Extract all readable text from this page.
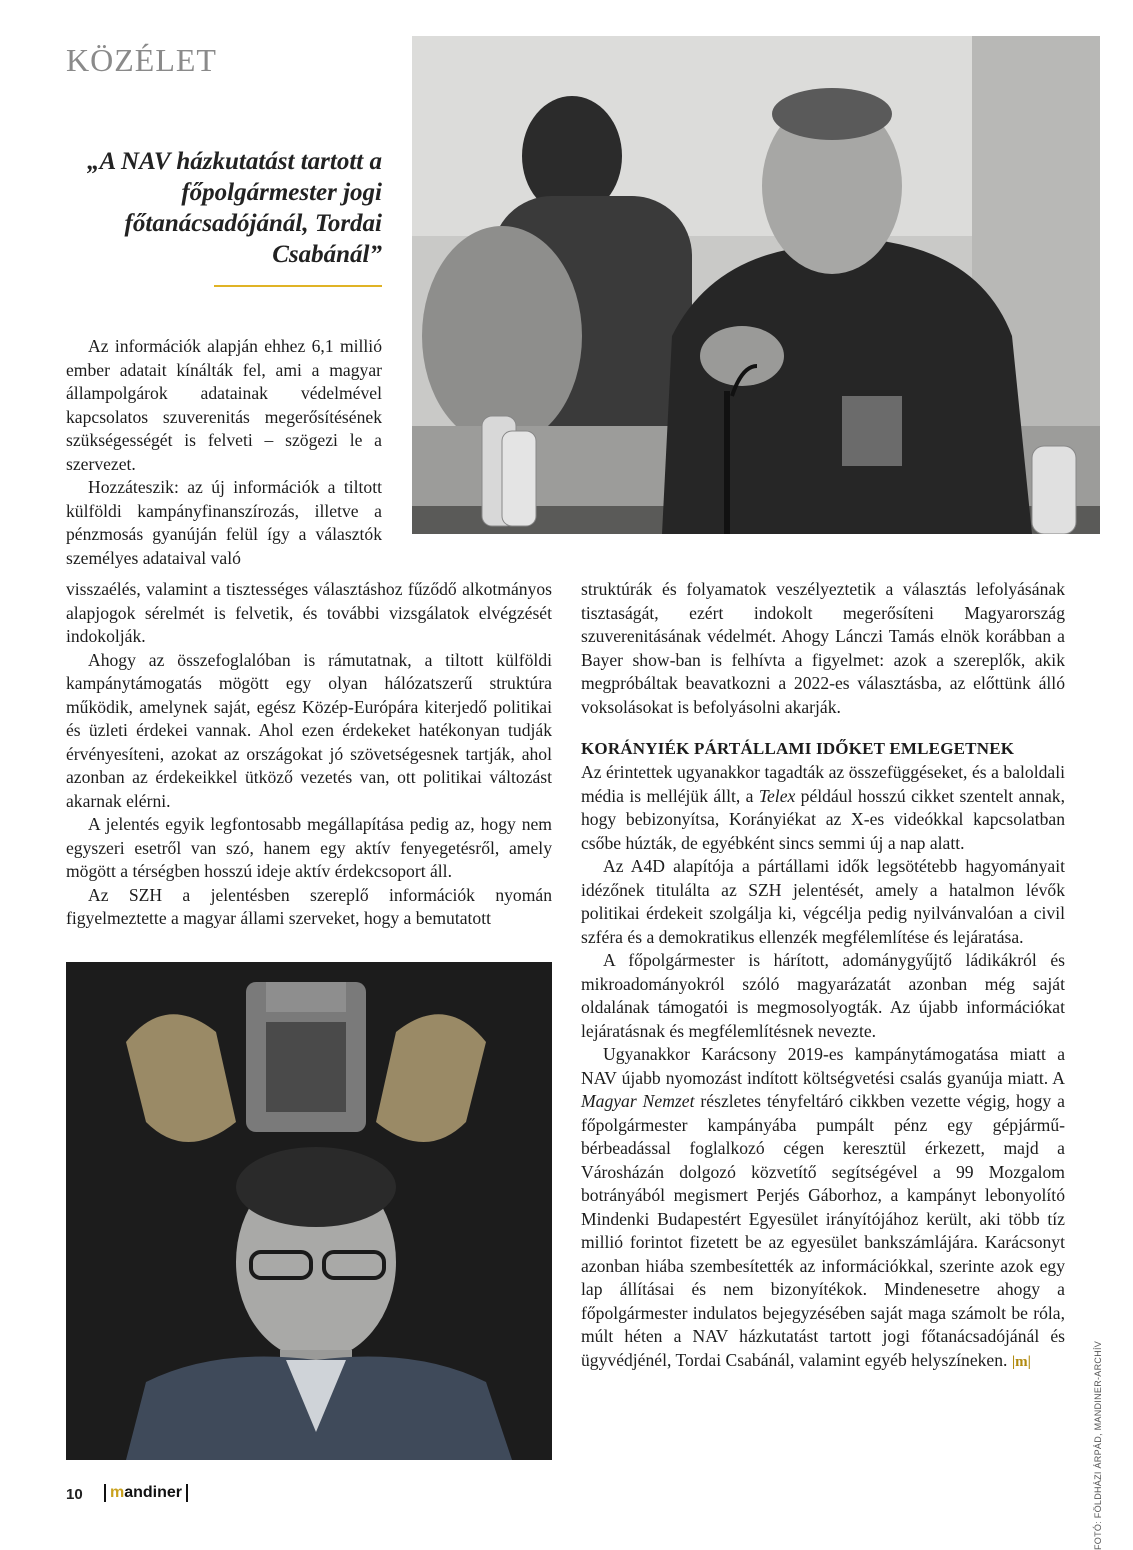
KÖZÉLET
„A NAV házkutatást tartott a főpolgármester jogi főtanácsadójánál, Tordai Csabánál”

Az információk alapján ehhez 6,1 millió ember adatait kínálták fel, ami a magyar állampolgárok adatainak védelmével kapcsolatos szuverenitás megerősítésének szükségességét is felveti – szögezi le a szervezet.

Hozzáteszik: az új információk a tiltott külföldi kampányfinanszírozás, illetve a pénzmosás gyanúján felül így a választók személyes adataival való

visszaélés, valamint a tisztességes választáshoz fűződő alkotmányos alapjogok sérelmét is felvetik, és további vizsgálatok elvégzését indokolják.

Ahogy az összefoglalóban is rámutatnak, a tiltott külföldi kampánytámogatás mögött egy olyan hálózatszerű struktúra működik, amelynek saját, egész Közép-Európára kiterjedő politikai és üzleti érdekei vannak. Ahol ezen érdekeket hatékonyan tudják érvényesíteni, azokat az országokat jó szövetségesnek tartják, ahol azonban az érdekeikkel ütköző vezetés van, ott politikai változást akarnak elérni.

A jelentés egyik legfontosabb megállapítása pedig az, hogy nem egyszeri esetről van szó, hanem egy aktív fenyegetésről, amely mögött a térségben hosszú ideje aktív érdekcsoport áll.

Az SZH a jelentésben szereplő információk nyomán figyelmeztette a magyar állami szerveket, hogy a bemutatott

struktúrák és folyamatok veszélyeztetik a választás lefolyásának tisztaságát, ezért indokolt megerősíteni Magyarország szuverenitásának védelmét. Ahogy Lánczi Tamás elnök korábban a Bayer show-ban is felhívta a figyelmet: azok a szereplők, akik megpróbáltak beavatkozni a 2022-es választásba, az előttünk álló voksolásokat is befolyásolni akarják.

KORÁNYIÉK PÁRTÁLLAMI IDŐKET EMLEGETNEK

Az érintettek ugyanakkor tagadták az összefüggéseket, és a baloldali média is melléjük állt, a Telex például hosszú cikket szentelt annak, hogy bebizonyítsa, Korányiékat az X-es videókkal kapcsolatban csőbe húzták, de egyébként sincs semmi új a nap alatt.

Az A4D alapítója a pártállami idők legsötétebb hagyományait idézőnek titulálta az SZH jelentését, amely a hatalmon lévők politikai érdekeit szolgálja ki, végcélja pedig nyilvánvalóan a civil szféra és a demokratikus ellenzék megfélemlítése és lejáratása.

A főpolgármester is hárított, adománygyűjtő ládikákról és mikroadományokról szóló magyarázatát azonban még saját oldalának támogatói is megmosolyogták. Az újabb információkat lejáratásnak és megfélemlítésnek nevezte.

Ugyanakkor Karácsony 2019-es kampánytámogatása miatt a NAV újabb nyomozást indított költségvetési csalás gyanúja miatt. A Magyar Nemzet részletes tényfeltáró cikkben vezette végig, hogy a főpolgármester kampányába pumpált pénz egy gépjármű-bérbeadással foglalkozó cégen keresztül érkezett, majd a Városházán dolgozó közvetítő segítségével a 99 Mozgalom botrányából megismert Perjés Gáborhoz, a kampányt lebonyolító Mindenki Budapestért Egyesület irányítójához került, aki több tíz millió forintot fizetett be az egyesület bankszámlájára. Karácsonyt azonban hiába szembesítették az információkkal, szerinte azok egy lap állításai és nem bizonyítékok. Mindenesetre ahogy a főpolgármester indulatos bejegyzésében saját maga számolt be róla, múlt héten a NAV házkutatást tartott jogi főtanácsadójánál és ügyvédjénél, Tordai Csabánál, valamint egyéb helyszíneken. |m|

10	mandiner	FOTÓ: FÖLDHÁZI ÁRPÁD, MANDINER-ARCHÍV
